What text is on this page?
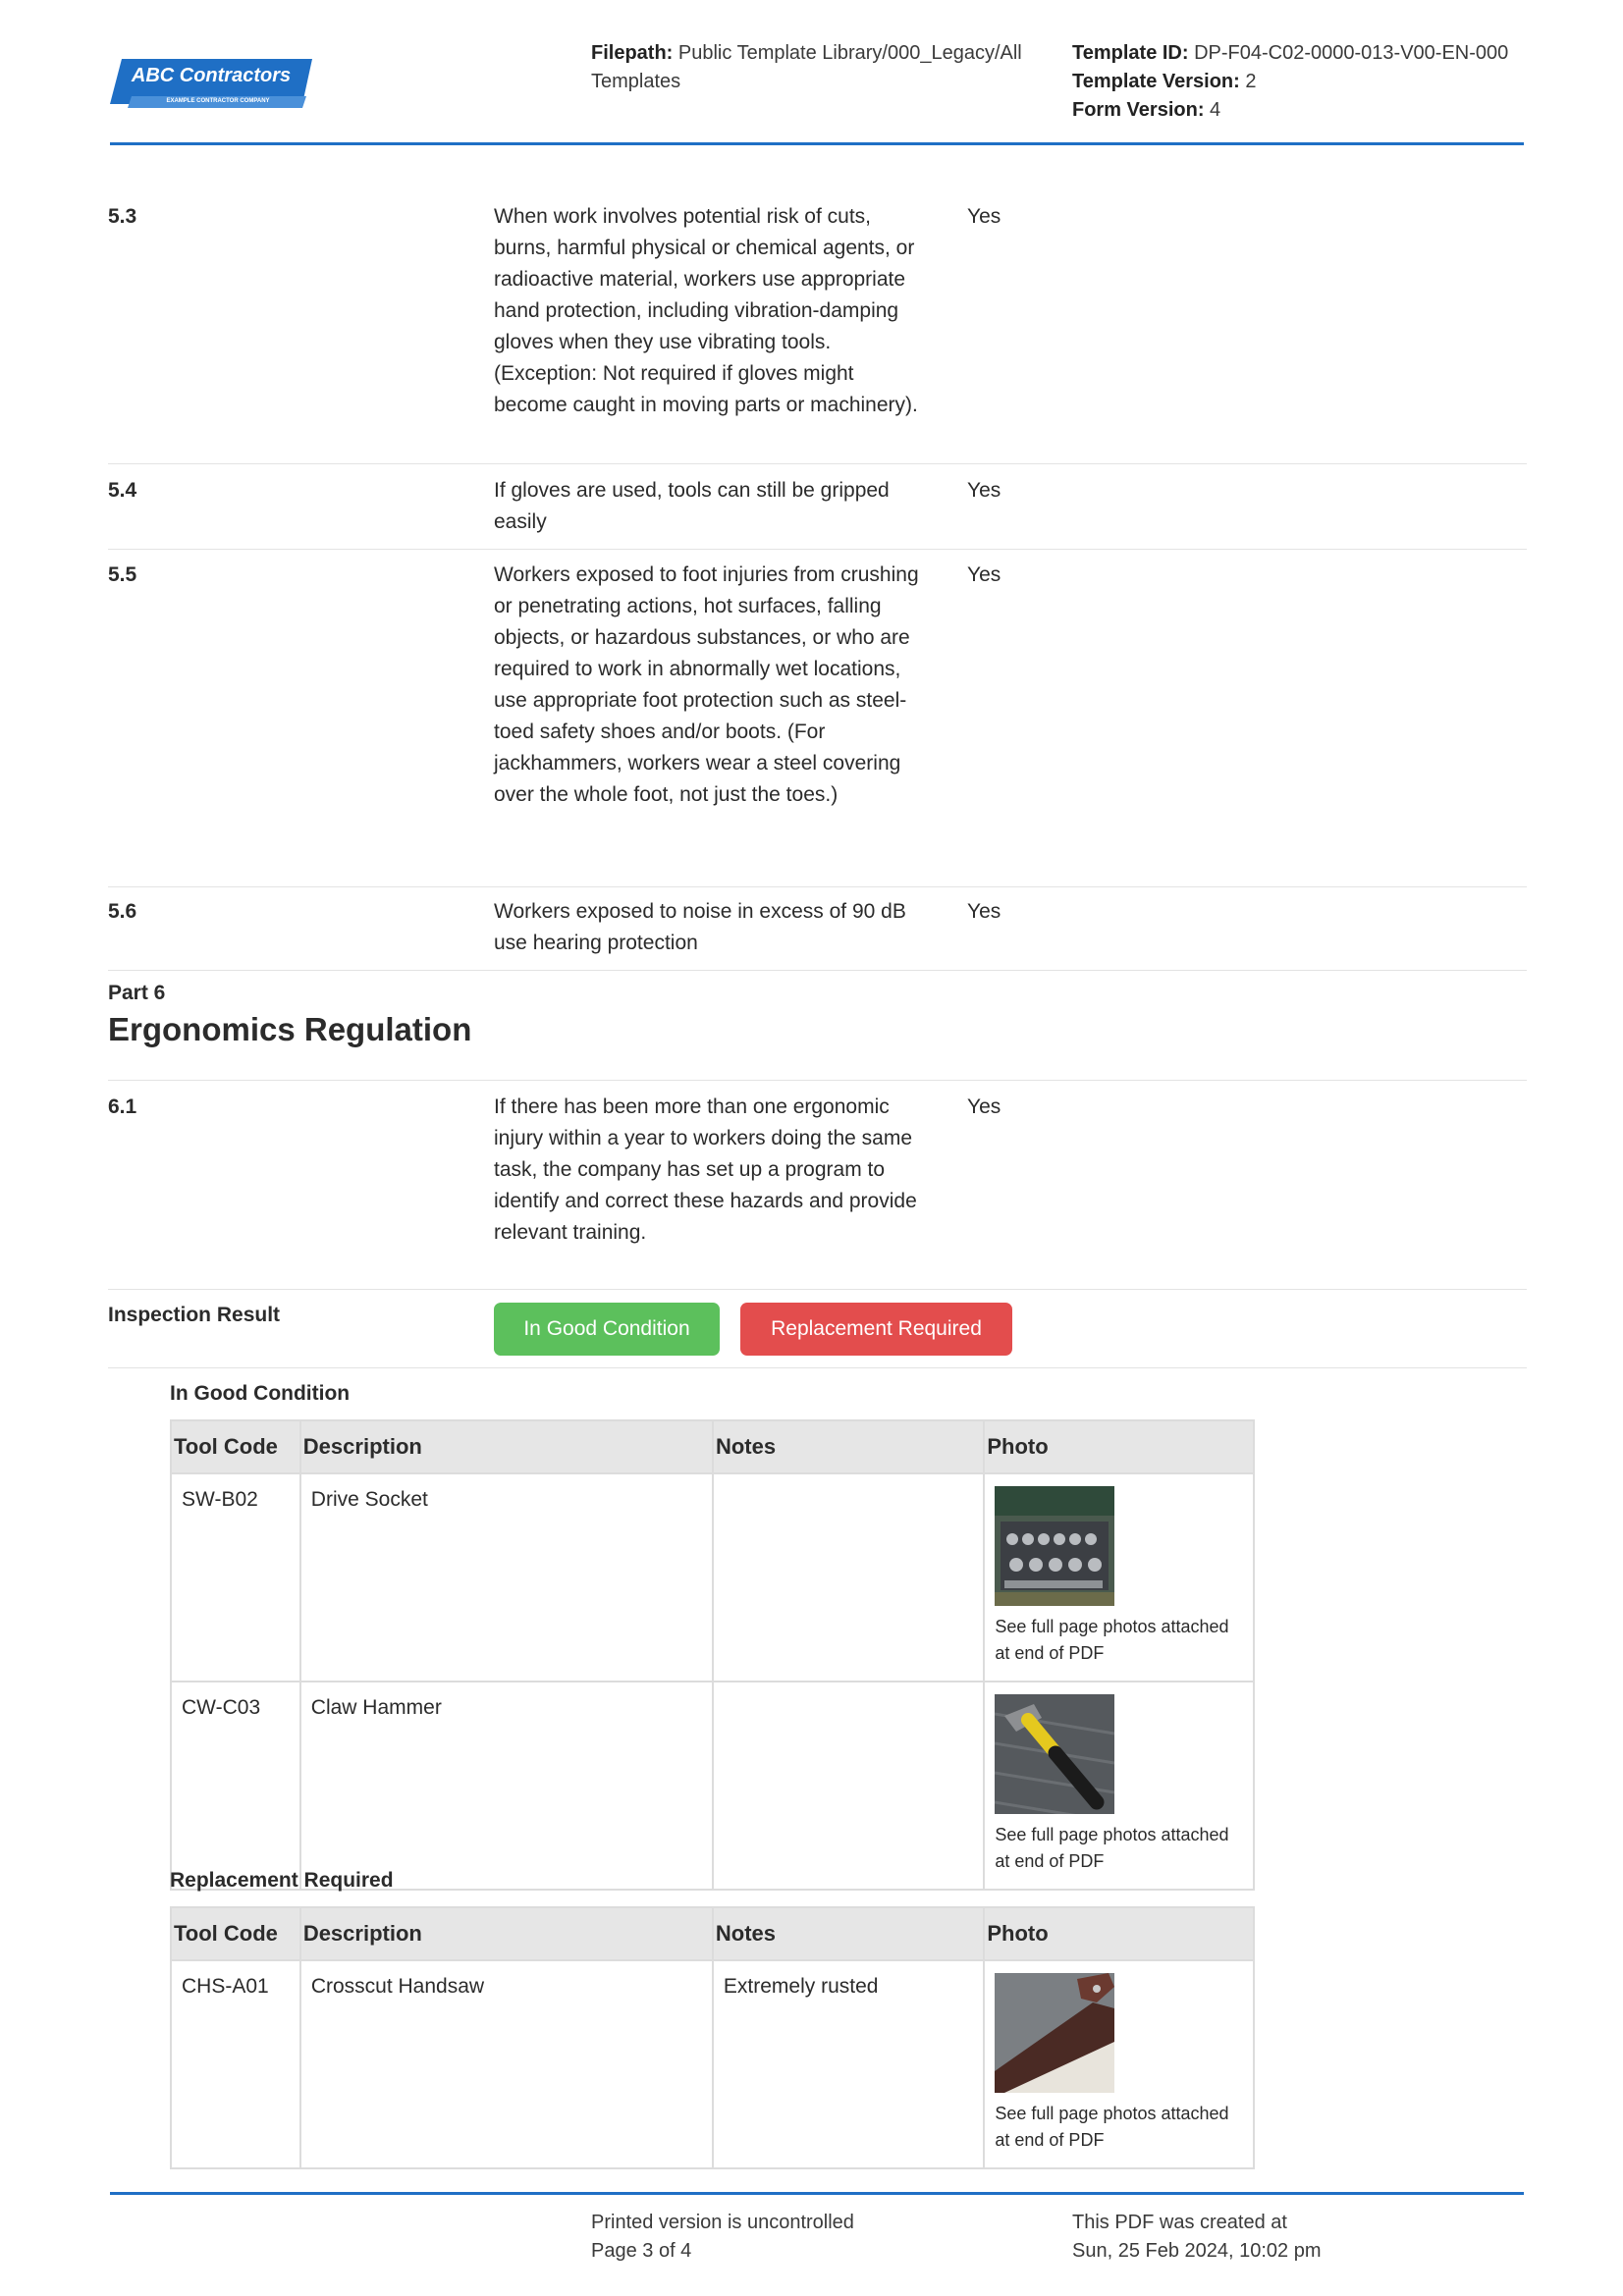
ABC Contractors
EXAMPLE CONTRACTOR COMPANY
Filepath: Public Template Library/000_Legacy/All
Templates
Template ID: DP-F04-C02-0000-013-V00-EN-000
Template Version: 2
Form Version: 4
5.3	When work involves potential risk of cuts, burns, harmful physical or chemical agents, or radioactive material, workers use appropriate hand protection, including vibration-damping gloves when they use vibrating tools. (Exception: Not required if gloves might become caught in moving parts or machinery).
Yes
5.4	If gloves are used, tools can still be gripped easily
Yes
5.5	Workers exposed to foot injuries from crushing or penetrating actions, hot surfaces, falling objects, or hazardous substances, or who are required to work in abnormally wet locations, use appropriate foot protection such as steel-toed safety shoes and/or boots. (For jackhammers, workers wear a steel covering over the whole foot, not just the toes.)
Yes
5.6	Workers exposed to noise in excess of 90 dB use hearing protection
Yes
Part 6
Ergonomics Regulation
6.1	If there has been more than one ergonomic injury within a year to workers doing the same task, the company has set up a program to identify and correct these hazards and provide relevant training.
Yes
Inspection Result
In Good Condition	Replacement Required
In Good Condition
Tool Code	Description	Notes	Photo
SW-B02	Drive Socket		See full page photos attached at end of PDF

CW-C03	Claw Hammer		See full page photos attached at end of PDF
Replacement Required
Tool Code	Description	Notes	Photo
CHS-A01	Crosscut Handsaw	Extremely rusted	See full page photos attached at end of PDF
Printed version is uncontrolled
Page 3 of 4
This PDF was created at
Sun, 25 Feb 2024, 10:02 pm
